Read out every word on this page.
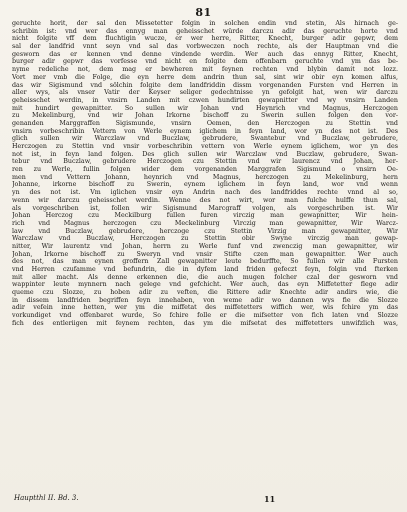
81
geruchte horit, der sal den Missetetter folgin in solchen endin vnd stetin, Als hirnach ge-
schribin ist: vnd wer das ennyg man geheisschet würde darczu adir das geruchte horte vnd
nicht folgite vff dem fluchtigin wucze, er wer herre, Ritter, Knecht, burger adir gepwr, dem
sal der landfrid vnnt seyn vnd sal das vorbweczen noch rechte, als der Hauptman vnd die
gesworn das er kennen vnd denne vindende werdin. Wer auch das ennyg Ritter, Knecht,
burger adir gepwr das vorfesse vnd nicht en folgite dem offenbarn geruchte vnd ym das be-
nyme redeliche not, dem mag er bewheren mit feynen rechten vnd blybin damit not lozz.
Vort mer vmb die Folge, die eyn herre dem andrin thun sal, sint wir obir eyn komen alfus,
das wir Sigismund vnd sölchin folgite dem landfriddin dissm vorgenanden Fursten vnd Herren in
aller wys, als vnser Vatir der Keyser seliger gedechtnisse yn gefolgit hat, wen wir darczu
geheisschet werdin, in vnsirn Landen mit czwen hundirten gewapnitter vnd wy vnsirn Landen
mit hundirt gewapnitter. So sullen wir Johan vnd Heynrich vnd Magnus, Herczogen
zu Mekelinburg, vnd wir Johan Irkorne bischoff zu Swerin sullen folgen den vor-
genanden Marggraffen Sigismunde, vnsirn Oemen, den Herczogen zu Stettin vnd
vnsirn vorbeschribin Vettern von Werle eynem iglichem in feyn land, wor yn des not ist. Des
glich sullen wir Warczlaw vnd Buczlaw, gebrudere, Swantebur vnd Buczlaw, gebrudere,
Herczogen zu Stettin vnd vnsir vorbeschribin vettern von Werle eynem iglichem, wor yn des
not ist, in feyn land folgen. Des glich sullen wir Warczlaw vnd Buczlaw, gebrudere, Swan-
tebur vnd Buczlaw, gebrudere Herczogen czu Stettin vnd wir laurencz vnd Johan, her-
ren zu Werle, fullin folgen wider dem vorgenanden Marggrafen Sigismund o vnsirn Oe-
men vnd Vettern Johann, heynrich vnd Magnus, herczogen zu Mekelinburg, hern
Johanne, irkorne bischoff zu Swerin, eynem iglichem in feyn land, wor vnd wenn
yn des not ist. Vm iglichen vnsir eyn Andrin nach des landfriddes rechte vnnd al so,
wenn wir darczu geheisschet werdin. Wenne des not wirt, wor man fulche hulffe thun sal,
als vorgeschriben ist, follen wir Sigismund Marcgraff volgen, als vorgeschriben ist. Wir
Johan Herczog czu Meckilburg fullen furen virczig man gewapnitter, Wir hein-
rich vnd Magnus herczogen czu Meckelinburg Virczig man gewapnitter, Wir Warcz-
law vnd Buczlaw, gebrudere, herczoge czu Stettin Virzig man gewapnitter, Wir
Warczlaw vnd Buczlaw, Herczogen zu Stettin obir Swyne virczig man gewap-
nitter, Wir laurentz vnd Johan, herrn zu Werle funf vnd zwenczig man gewapnitter, wir
Johan, Irkorne bischoff zu Sweryn vnd vnsir Stifte czen man gewapnitter. Wer auch
des not, das man eynen groffern Zall gewapnitter leute bedurffte, So fullen wir alle Fursten
vnd Herren czufamme vnd befundrin, die in dyfem land friden gefeczt feyn, folgin vnd fterken
mit aller macht. Als denne erkennen die, die auch mugen folcher czal der gesworn vnd
wappinter leute mynnern nach gelege vnd gefchicht. Wer auch, das eyn Miffetetter flege adir
queme czu Slozze, zu hoben adir zu veften, die Rittere adir Knechte adir andirs wie, die
in dissem landfriden begriffen feyn innehaben, von weme adir wo dannen wys fie die Slozze
adir vefein inne hetten, wer ym die miffetat des miffetetters wiffich wer, wis fchire ym das
vorkundiget vnd offenbaret wurde, So fchire folle er die mifsetter von fich laten vnd Slozze
fich des entleriigen mit feynem rechten, das ym die mifsetat des miffetetters unwifzlich was,
Hauptthl II. Bd. 3.	11
